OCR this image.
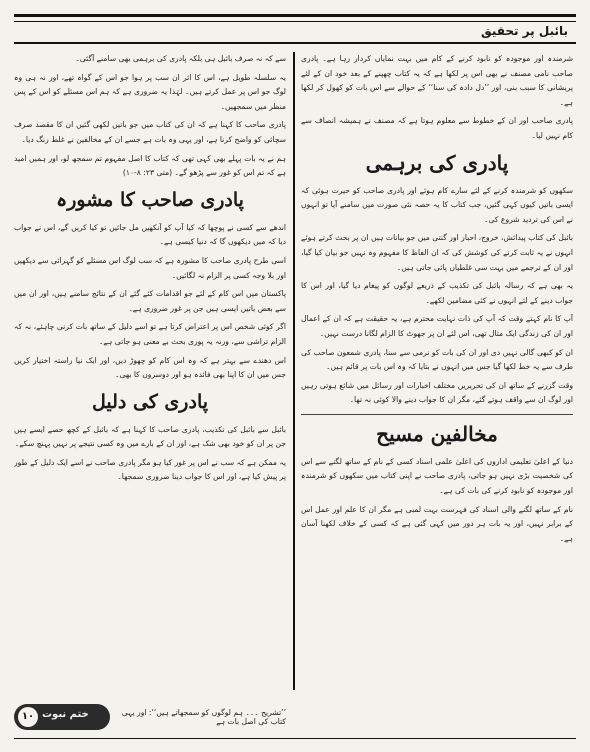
بائبل پر تحقیق

شرمندہ اور موجودہ کو نابود کرنے کے کام میں بہت نمایاں کردار رہا ہے۔ پادری صاحب نامی مصنف نے بھی اس پر لکھا ہے کہ یہ کتاب چھپنے کے بعد خود ان کے لئے پریشانی کا سبب بنی، اور ’’دل دادہ کی سنا‘‘ کے حوالے سے اس بات کو کھول کر لکھا ہے۔

پادری صاحب اور ان کے خطوط سے معلوم ہوتا ہے کہ مصنف نے ہمیشہ انصاف سے کام نہیں لیا۔

پادری کی برہمی

سکھوں کو شرمندہ کرنے کے لئے سارے کام ہوئے اور پادری صاحب کو حیرت ہوئی کہ ایسی باتیں کیوں کہی گئیں، جب کتاب کا یہ حصہ نئی صورت میں سامنے آیا تو انہوں نے اس کی تردید شروع کی۔

بائبل کی کتاب پیدائش، خروج، احبار اور گنتی میں جو بیانات ہیں ان پر بحث کرتے ہوئے انہوں نے یہ ثابت کرنے کی کوشش کی کہ ان الفاظ کا مفہوم وہ نہیں جو بیان کیا گیا، اور ان کے ترجمے میں بہت سی غلطیاں پائی جاتی ہیں۔

یہ بھی ہے کہ رسالہ بائبل کی تکذیب کے ذریعے لوگوں کو پیغام دیا گیا، اور اس کا جواب دینے کے لئے انہوں نے کئی مضامین لکھے۔

آپ کا نام کہتے وقت کہ آپ کی ذات نہایت محترم ہے، یہ حقیقت ہے کہ ان کے اعمال اور ان کی زندگی ایک مثال تھی، اس لئے ان پر جھوٹ کا الزام لگانا درست نہیں۔

ان کو کبھی گالی نہیں دی اور ان کی بات کو نرمی سے سنا، پادری شمعون صاحب کی طرف سے یہ خط لکھا گیا جس میں انہوں نے بتایا کہ وہ اس بات پر قائم ہیں۔

وقت گزرنے کے ساتھ ان کی تحریریں مختلف اخبارات اور رسائل میں شائع ہوتی رہیں اور لوگ ان سے واقف ہوتے گئے، مگر ان کا جواب دینے والا کوئی نہ تھا۔

مخالفین مسیح

دنیا کے اعلیٰ تعلیمی اداروں کی اعلیٰ علمی اسناد کسی کے نام کے ساتھ لگنے سے اس کی شخصیت بڑی نہیں ہو جاتی، پادری صاحب نے اپنی کتاب میں سکھوں کو شرمندہ اور موجودہ کو نابود کرنے کی بات کی ہے۔

نام کے ساتھ لگنے والی اسناد کی فہرست بہت لمبی ہے مگر ان کا علم اور عمل اس کے برابر نہیں، اور یہ بات ہر دور میں کہی گئی ہے کہ کسی کے خلاف لکھنا آسان ہے۔

سے کہ نہ صرف بائبل ہی بلکہ پادری کی برہمی بھی سامنے آگئی۔

یہ سلسلہ طویل ہے، اس کا اثر ان سب پر ہوا جو اس کے گواہ تھے، اور نہ ہی وہ لوگ جو اس پر عمل کرتے ہیں۔ لہٰذا یہ ضروری ہے کہ ہم اس مسئلے کو اس کے پس منظر میں سمجھیں۔

پادری صاحب کا کہنا ہے کہ ان کی کتاب میں جو باتیں لکھی گئیں ان کا مقصد صرف سچائی کو واضح کرنا ہے، اور یہی وہ بات ہے جسے ان کے مخالفین نے غلط رنگ دیا۔

ہم نے یہ بات پہلے بھی کہی تھی کہ کتاب کا اصل مفہوم تم سمجھ لو، اور ہمیں امید ہے کہ تم اس کو غور سے پڑھو گے۔ (متی ۲۳: ۸-۱۰)

پادری صاحب کا مشورہ

اندھے سے کسی نے پوچھا کہ کیا آپ کو آنکھیں مل جائیں تو کیا کریں گے، اس نے جواب دیا کہ میں دیکھوں گا کہ دنیا کیسی ہے۔

اسی طرح پادری صاحب کا مشورہ ہے کہ سب لوگ اس مسئلے کو گہرائی سے دیکھیں اور بلا وجہ کسی پر الزام نہ لگائیں۔

پاکستان میں اس کام کے لئے جو اقدامات کئے گئے ان کے نتائج سامنے ہیں، اور ان میں سے بعض باتیں ایسی ہیں جن پر غور ضروری ہے۔

اگر کوئی شخص اس پر اعتراض کرتا ہے تو اسے دلیل کے ساتھ بات کرنی چاہئے، نہ کہ الزام تراشی سے، ورنہ یہ پوری بحث بے معنی ہو جاتی ہے۔

اس دھندے سے بہتر ہے کہ وہ اس کام کو چھوڑ دیں، اور ایک نیا راستہ اختیار کریں جس میں ان کا اپنا بھی فائدہ ہو اور دوسروں کا بھی۔

پادری کی دلیل

بائبل سے بائبل کی تکذیب، پادری صاحب کا کہنا ہے کہ بائبل کے کچھ حصے ایسے ہیں جن پر ان کو خود بھی شک ہے، اور ان کے بارے میں وہ کسی نتیجے پر نہیں پہنچ سکے۔

یہ ممکن ہے کہ سب نے اس پر غور کیا ہو مگر پادری صاحب نے اسے ایک دلیل کے طور پر پیش کیا ہے، اور اس کا جواب دینا ضروری سمجھا۔

۱۰ ختم نبوت	’’تشریح ۔۔۔ ہم لوگوں کو سمجھاتے ہیں‘‘: اور یہی کتاب کی اصل بات ہے
